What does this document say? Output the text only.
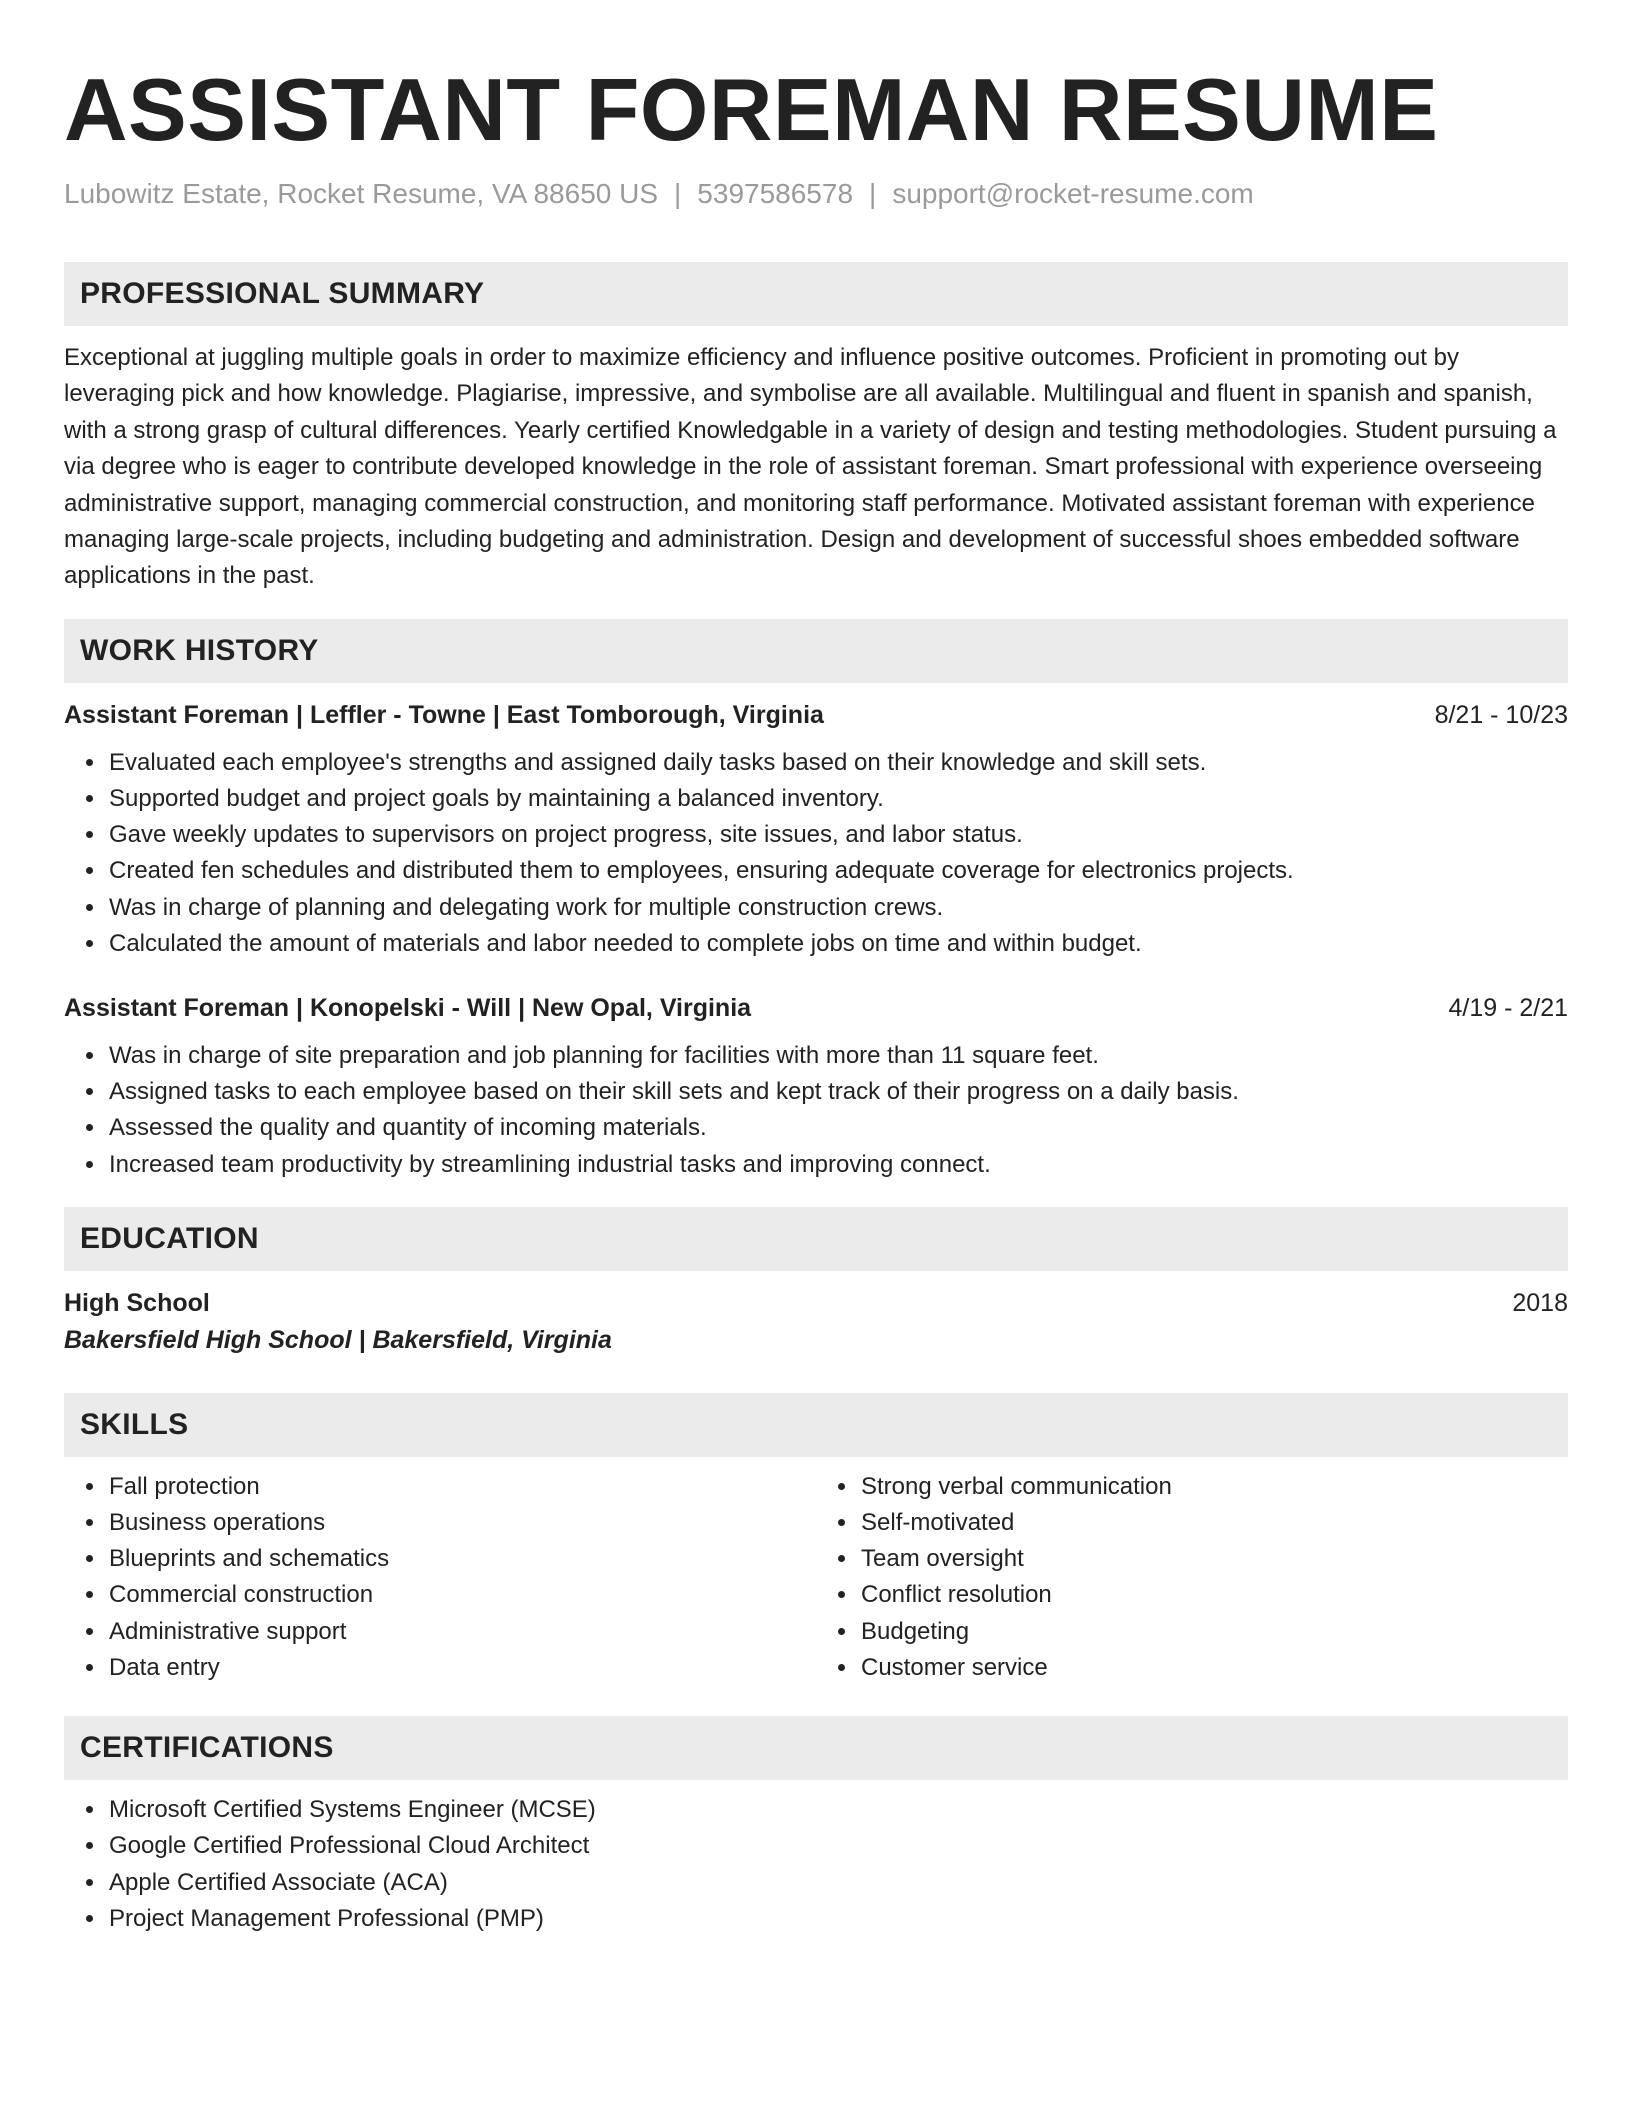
ASSISTANT FOREMAN RESUME
Lubowitz Estate, Rocket Resume, VA 88650 US | 5397586578 | support@rocket-resume.com
PROFESSIONAL SUMMARY

Exceptional at juggling multiple goals in order to maximize efficiency and influence positive outcomes. Proficient in promoting out by leveraging pick and how knowledge. Plagiarise, impressive, and symbolise are all available. Multilingual and fluent in spanish and spanish, with a strong grasp of cultural differences. Yearly certified Knowledgable in a variety of design and testing methodologies. Student pursuing a via degree who is eager to contribute developed knowledge in the role of assistant foreman. Smart professional with experience overseeing administrative support, managing commercial construction, and monitoring staff performance. Motivated assistant foreman with experience managing large-scale projects, including budgeting and administration. Design and development of successful shoes embedded software applications in the past.

WORK HISTORY
Assistant Foreman | Leffler - Towne | East Tomborough, Virginia	8/21 - 10/23
• Evaluated each employee's strengths and assigned daily tasks based on their knowledge and skill sets.
• Supported budget and project goals by maintaining a balanced inventory.
• Gave weekly updates to supervisors on project progress, site issues, and labor status.
• Created fen schedules and distributed them to employees, ensuring adequate coverage for electronics projects.
• Was in charge of planning and delegating work for multiple construction crews.
• Calculated the amount of materials and labor needed to complete jobs on time and within budget.
Assistant Foreman | Konopelski - Will | New Opal, Virginia	4/19 - 2/21
• Was in charge of site preparation and job planning for facilities with more than 11 square feet.
• Assigned tasks to each employee based on their skill sets and kept track of their progress on a daily basis.
• Assessed the quality and quantity of incoming materials.
• Increased team productivity by streamlining industrial tasks and improving connect.
EDUCATION
High School	2018
Bakersfield High School | Bakersfield, Virginia
SKILLS
• Fall protection
• Business operations
• Blueprints and schematics
• Commercial construction
• Administrative support
• Data entry
• Strong verbal communication
• Self-motivated
• Team oversight
• Conflict resolution
• Budgeting
• Customer service
CERTIFICATIONS
• Microsoft Certified Systems Engineer (MCSE)
• Google Certified Professional Cloud Architect
• Apple Certified Associate (ACA)
• Project Management Professional (PMP)
